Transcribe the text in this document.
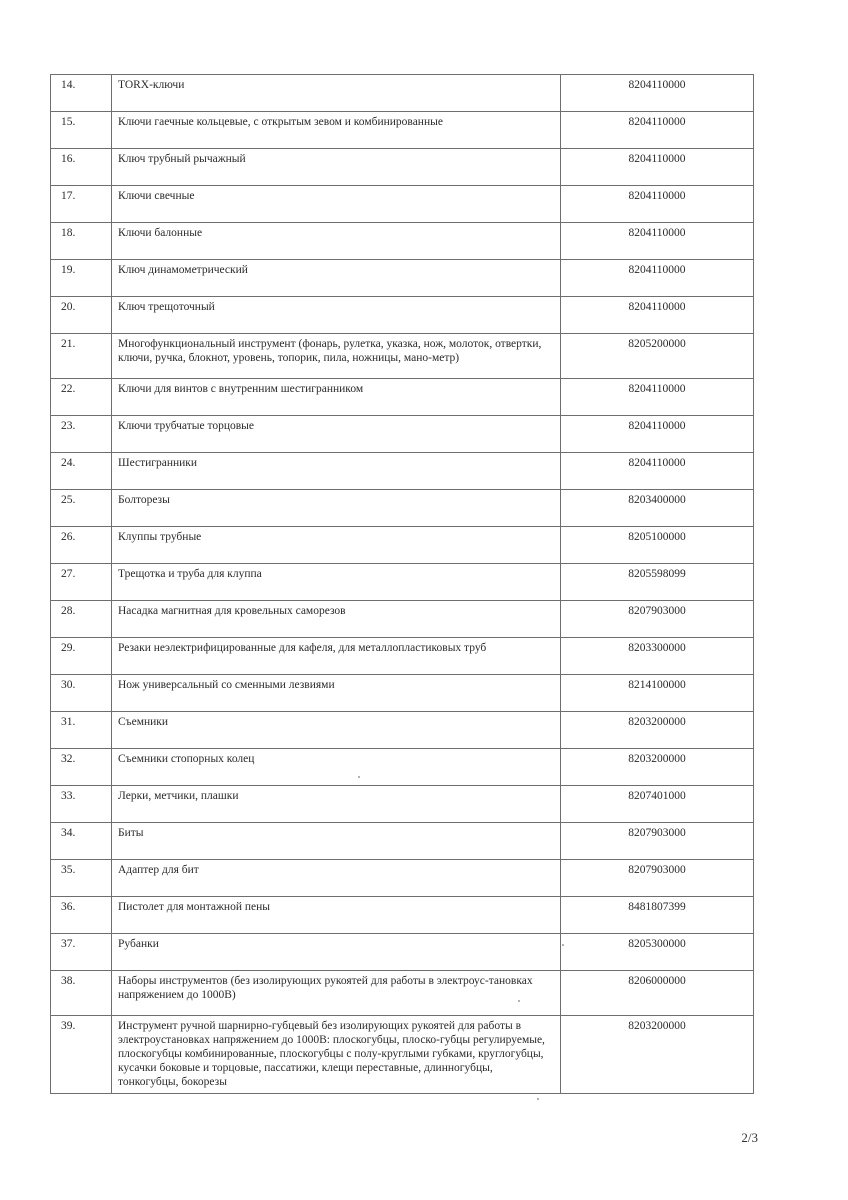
14.	TORX-ключи	8204110000
15.	Ключи гаечные кольцевые, с открытым зевом и комбинированные	8204110000
16.	Ключ трубный рычажный	8204110000
17.	Ключи свечные	8204110000
18.	Ключи балонные	8204110000
19.	Ключ динамометрический	8204110000
20.	Ключ трещоточный	8204110000
21.	Многофункциональный инструмент (фонарь, рулетка, указка, нож, молоток, отвертки, ключи, ручка, блокнот, уровень, топорик, пила, ножницы, мано-метр)	8205200000
22.	Ключи для винтов с внутренним шестигранником	8204110000
23.	Ключи трубчатые торцовые	8204110000
24.	Шестигранники	8204110000
25.	Болторезы	8203400000
26.	Клуппы трубные	8205100000
27.	Трещотка и труба для клуппа	8205598099
28.	Насадка магнитная для кровельных саморезов	8207903000
29.	Резаки неэлектрифицированные для кафеля, для металлопластиковых труб	8203300000
30.	Нож универсальный со сменными лезвиями	8214100000
31.	Съемники	8203200000
32.	Съемники стопорных колец	8203200000
33.	Лерки, метчики, плашки	8207401000
34.	Биты	8207903000
35.	Адаптер для бит	8207903000
36.	Пистолет для монтажной пены	8481807399
37.	Рубанки	8205300000
38.	Наборы инструментов (без изолирующих рукоятей для работы в электроус-тановках напряжением до 1000В)	8206000000
39.	Инструмент ручной шарнирно-губцевый без изолирующих рукоятей для работы в электроустановках напряжением до 1000В: плоскогубцы, плоско-губцы регулируемые, плоскогубцы комбинированные, плоскогубцы с полу-круглыми губками, круглогубцы, кусачки боковые и торцовые, пассатижи, клещи переставные, длинногубцы, тонкогубцы, бокорезы	8203200000
2/3
